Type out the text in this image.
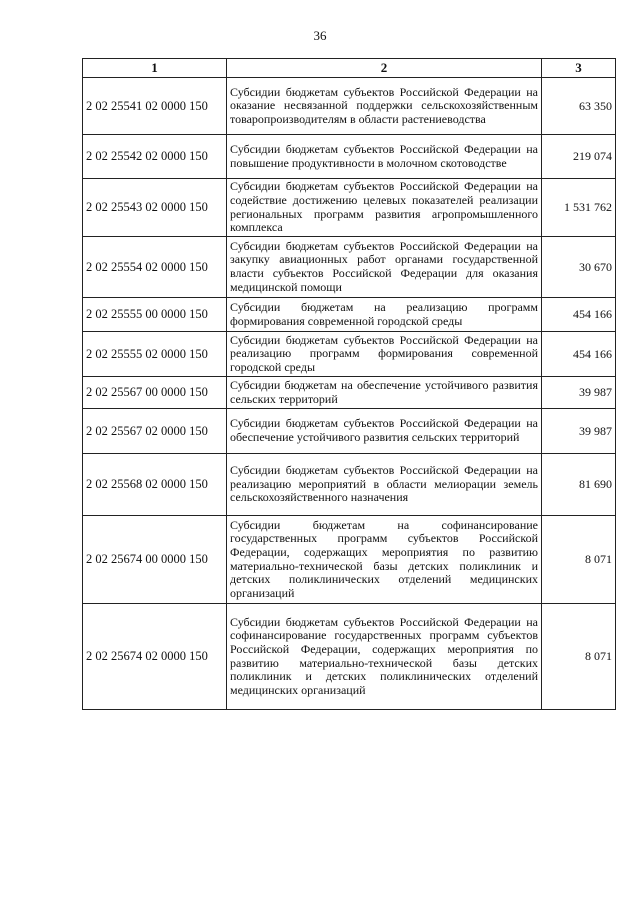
36
1	2	3
2 02 25541 02 0000 150	Субсидии бюджетам субъектов Российской Федерации на оказание несвязанной поддержки сельскохозяйственным товаропроизводителям в области растениеводства	63 350
2 02 25542 02 0000 150	Субсидии бюджетам субъектов Российской Федерации на повышение продуктивности в молочном скотоводстве	219 074
2 02 25543 02 0000 150	Субсидии бюджетам субъектов Российской Федерации на содействие достижению целевых показателей реализации региональных программ развития агропромышленного комплекса	1 531 762
2 02 25554 02 0000 150	Субсидии бюджетам субъектов Российской Федерации на закупку авиационных работ органами государственной власти субъектов Российской Федерации для оказания медицинской помощи	30 670
2 02 25555 00 0000 150	Субсидии бюджетам на реализацию программ формирования современной городской среды	454 166
2 02 25555 02 0000 150	Субсидии бюджетам субъектов Российской Федерации на реализацию программ формирования современной городской среды	454 166
2 02 25567 00 0000 150	Субсидии бюджетам на обеспечение устойчивого развития сельских территорий	39 987
2 02 25567 02 0000 150	Субсидии бюджетам субъектов Российской Федерации на обеспечение устойчивого развития сельских территорий	39 987
2 02 25568 02 0000 150	Субсидии бюджетам субъектов Российской Федерации на реализацию мероприятий в области мелиорации земель сельскохозяйственного назначения	81 690
2 02 25674 00 0000 150	Субсидии бюджетам на софинансирование государственных программ субъектов Российской Федерации, содержащих мероприятия по развитию материально-технической базы детских поликлиник и детских поликлинических отделений медицинских организаций	8 071
2 02 25674 02 0000 150	Субсидии бюджетам субъектов Российской Федерации на софинансирование государственных программ субъектов Российской Федерации, содержащих мероприятия по развитию материально-технической базы детских поликлиник и детских поликлинических отделений медицинских организаций	8 071
